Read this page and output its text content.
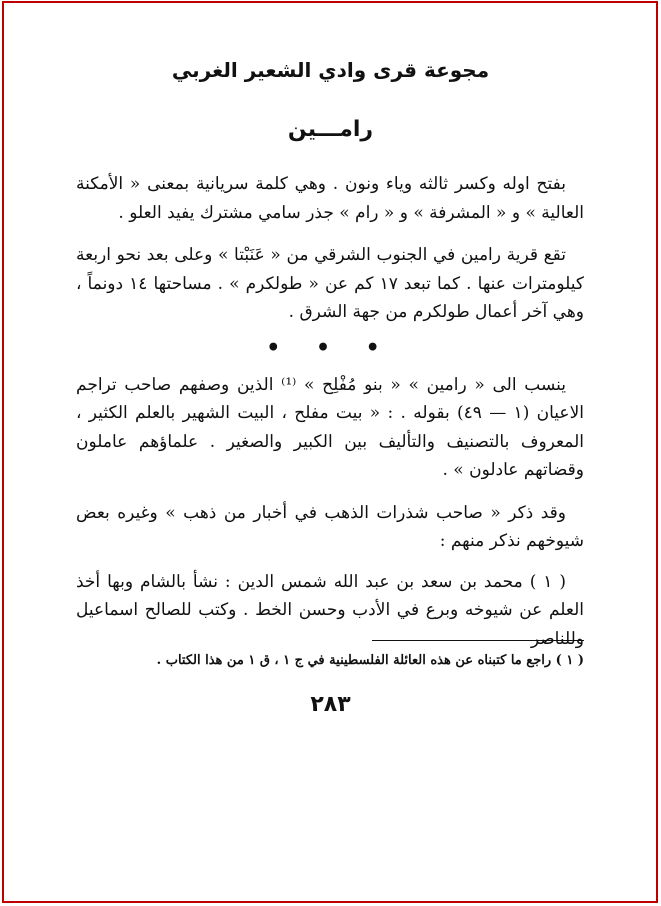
مجوعة قرى وادي الشعير الغربي
رامـــين

بفتح اوله وكسر ثالثه وياء ونون . وهي كلمة سريانية بمعنى « الأمكنة العالية » و « المشرفة » و « رام » جذر سامي مشترك يفيد العلو .

تقع قرية رامين في الجنوب الشرقي من « عَنَبْتا » وعلى بعد نحو اربعة كيلومترات عنها . كما تبعد ١٧ كم عن « طولكرم » . مساحتها ١٤ دونماً ، وهي آخر أعمال طولكرم من جهة الشرق .

• • •

ينسب الى « رامين » « بنو مُفْلِح » ⁽¹⁾ الذين وصفهم صاحب تراجم الاعيان (١ — ٤٩) بقوله . : « بيت مفلح ، البيت الشهير بالعلم الكثير ، المعروف بالتصنيف والتأليف بين الكبير والصغير . علماؤهم عاملون وقضاتهم عادلون » .

وقد ذكر « صاحب شذرات الذهب في أخبار من ذهب » وغيره بعض شيوخهم نذكر منهم :

( ١ ) محمد بن سعد بن عبد الله شمس الدين : نشأ بالشام وبها أخذ العلم عن شيوخه وبرع في الأدب وحسن الخط . وكتب للصالح اسماعيل وللناصر

( ١ ) راجع ما كتبناه عن هذه العائلة الفلسطينية في ج ١ ، ق ١ من هذا الكتاب .

٢٨٣
